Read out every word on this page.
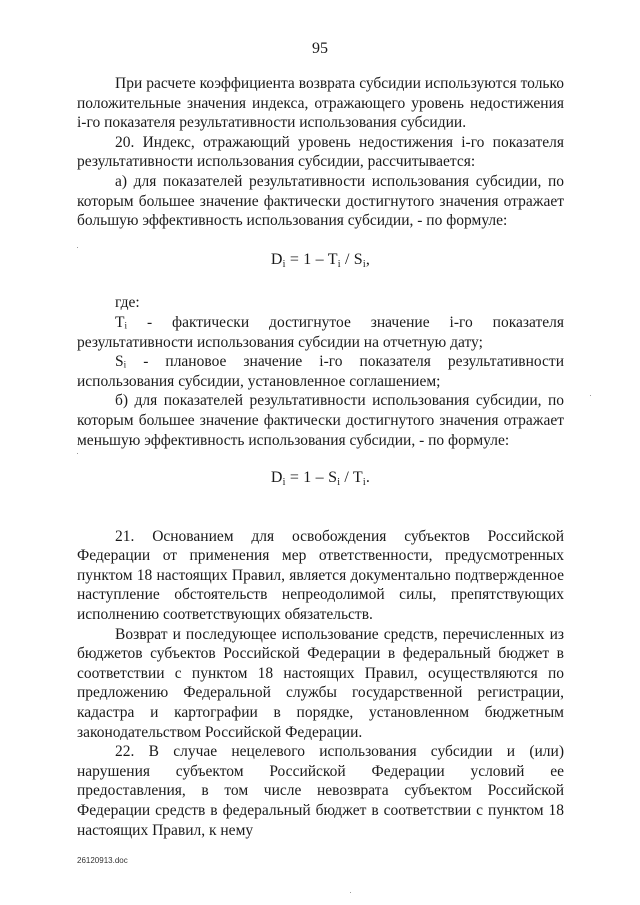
95

При расчете коэффициента возврата субсидии используются только положительные значения индекса, отражающего уровень недостижения i-го показателя результативности использования субсидии.

20. Индекс, отражающий уровень недостижения i-го показателя результативности использования субсидии, рассчитывается:

а) для показателей результативности использования субсидии, по которым большее значение фактически достигнутого значения отражает большую эффективность использования субсидии, - по формуле:

$D_i = 1 - T_i / S_i$,

где:

Tᵢ - фактически достигнутое значение i-го показателя результативности использования субсидии на отчетную дату;

Sᵢ - плановое значение i-го показателя результативности использования субсидии, установленное соглашением;

б) для показателей результативности использования субсидии, по которым большее значение фактически достигнутого значения отражает меньшую эффективность использования субсидии, - по формуле:

$D_i = 1 - S_i / T_i$.

21. Основанием для освобождения субъектов Российской Федерации от применения мер ответственности, предусмотренных пунктом 18 настоящих Правил, является документально подтвержденное наступление обстоятельств непреодолимой силы, препятствующих исполнению соответствующих обязательств.

Возврат и последующее использование средств, перечисленных из бюджетов субъектов Российской Федерации в федеральный бюджет в соответствии с пунктом 18 настоящих Правил, осуществляются по предложению Федеральной службы государственной регистрации, кадастра и картографии в порядке, установленном бюджетным законодательством Российской Федерации.

22. В случае нецелевого использования субсидии и (или) нарушения субъектом Российской Федерации условий ее предоставления, в том числе невозврата субъектом Российской Федерации средств в федеральный бюджет в соответствии с пунктом 18 настоящих Правил, к нему

26120913.doc
